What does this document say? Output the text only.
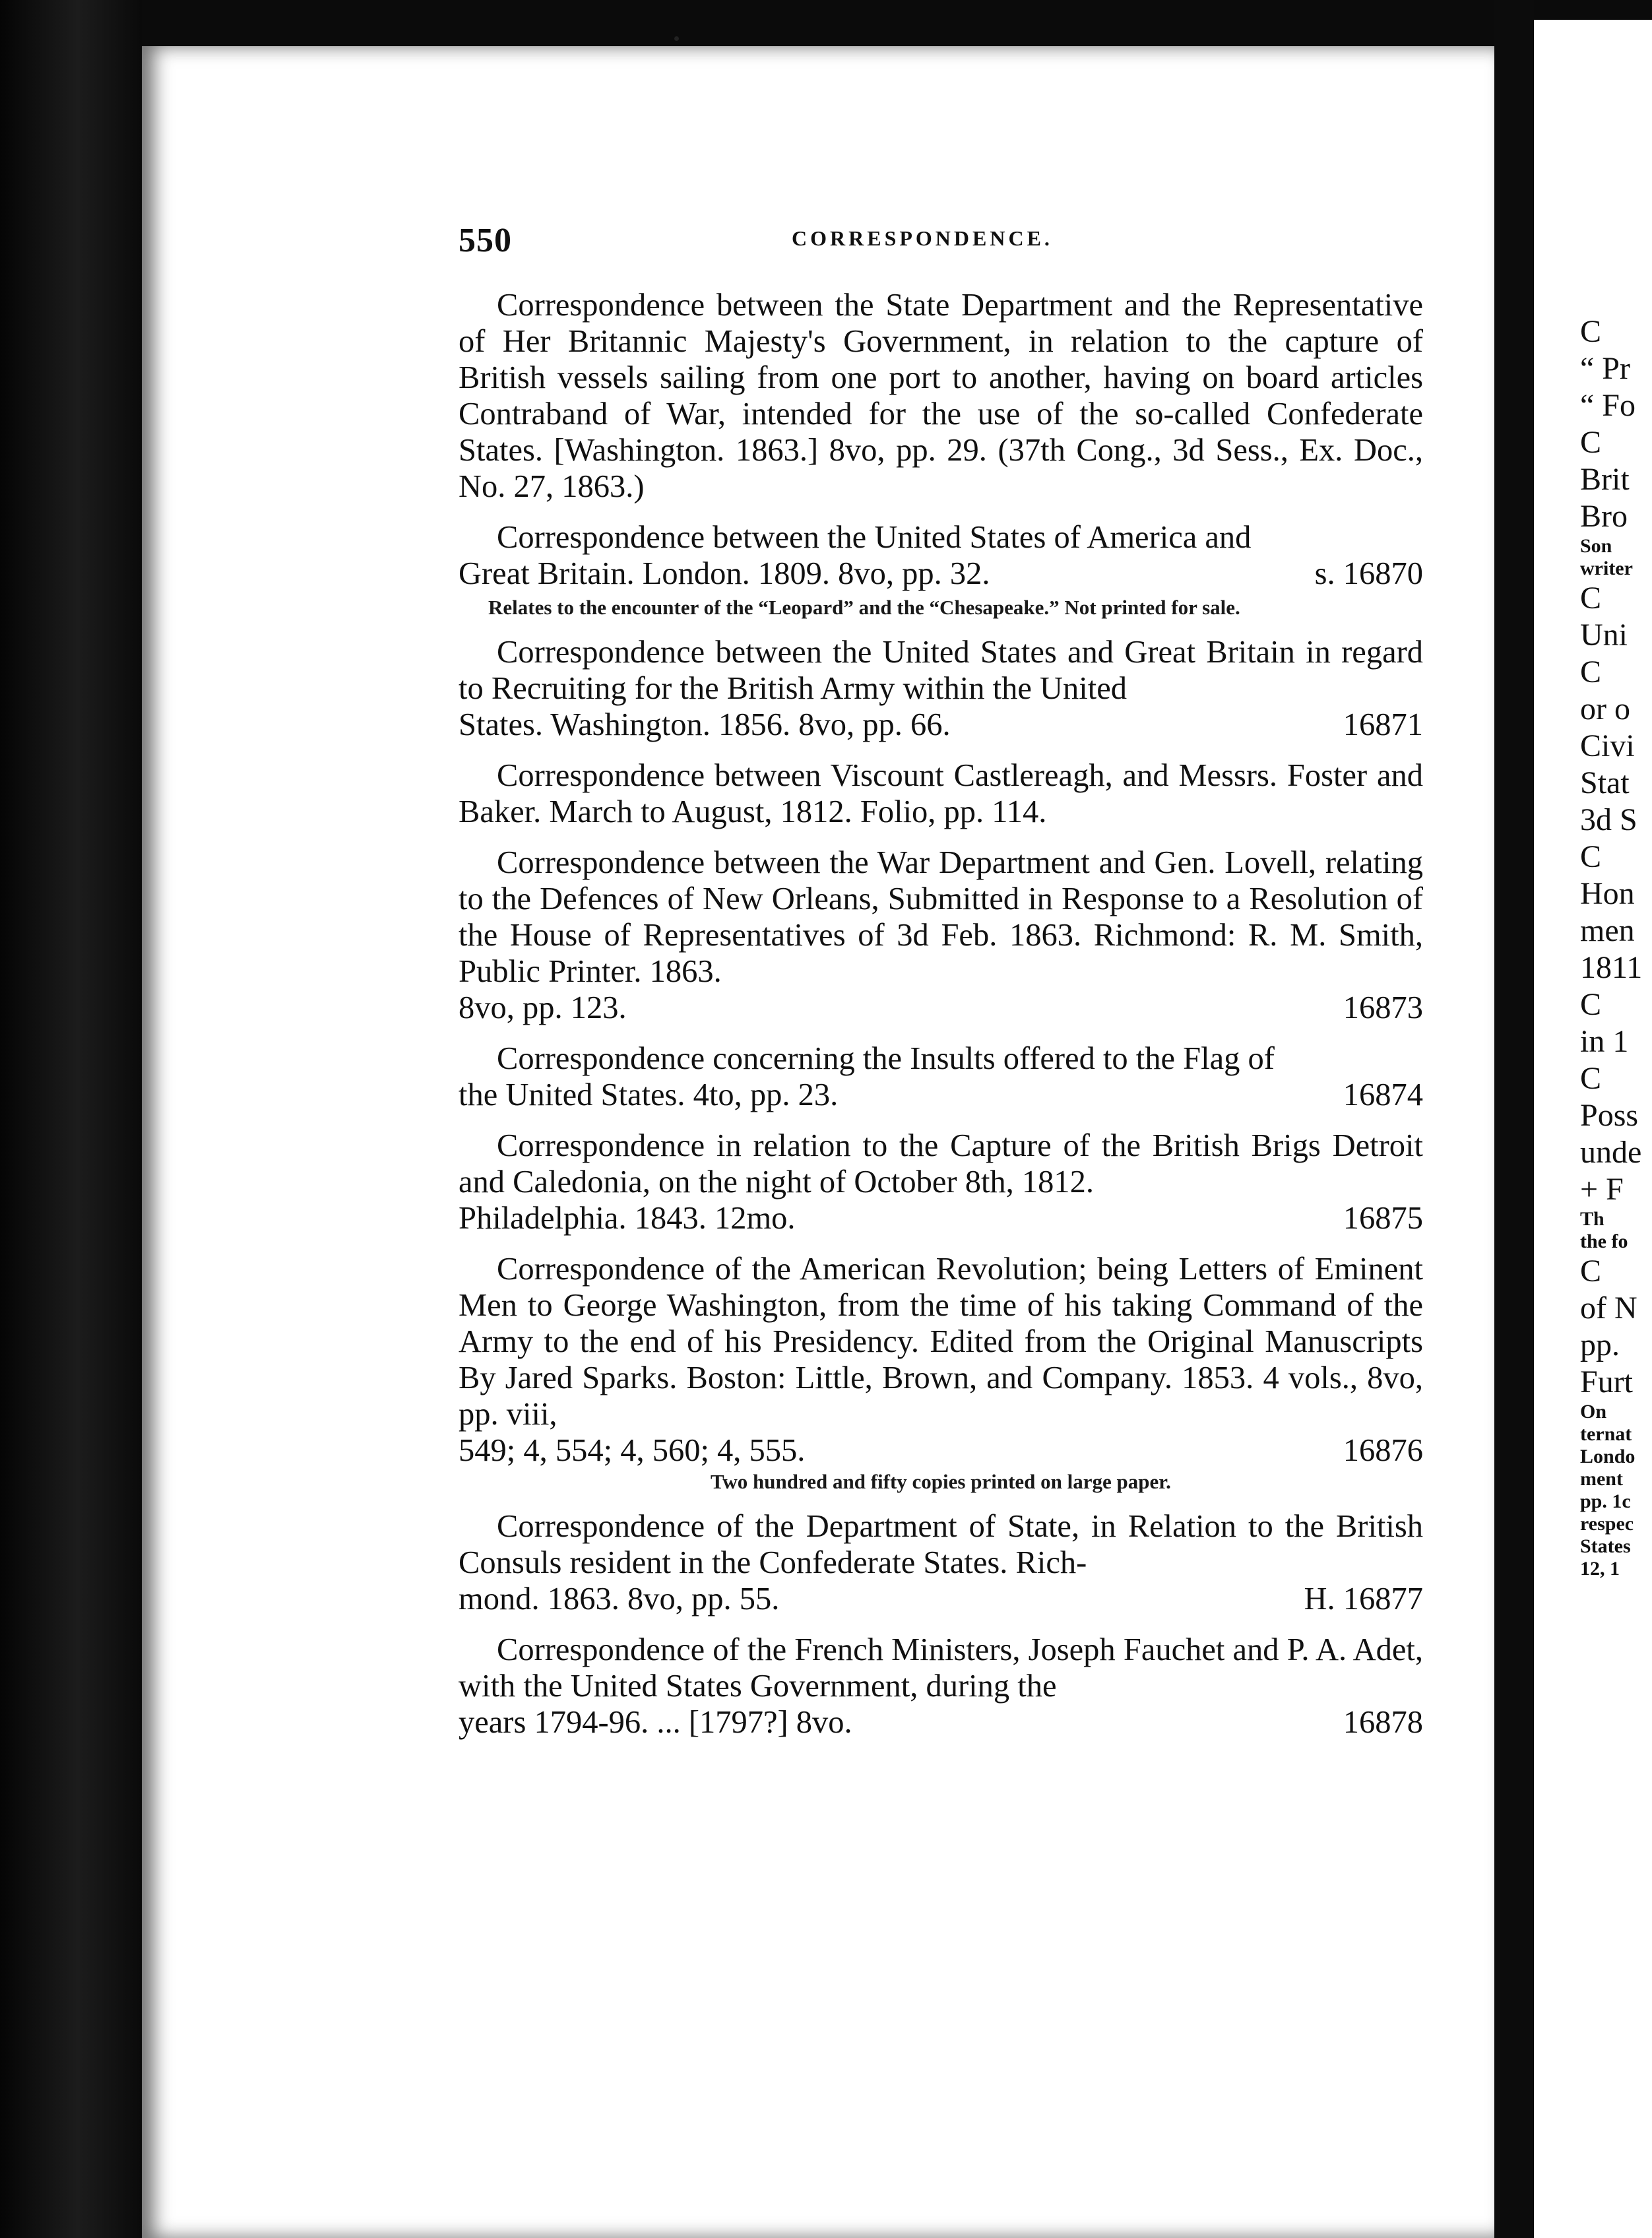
550	CORRESPONDENCE.
Correspondence between the State Department and the Representative of Her Britannic Majesty's Government, in relation to the capture of British vessels sailing from one port to another, having on board articles Contraband of War, intended for the use of the so-called Confederate States. [Washington. 1863.] 8vo, pp. 29. (37th Cong., 3d Sess., Ex. Doc., No. 27, 1863.)
Correspondence between the United States of America and
Great Britain. London. 1809. 8vo, pp. 32.	s. 16870
Relates to the encounter of the “Leopard” and the “Chesapeake.” Not printed for sale.
Correspondence between the United States and Great Britain in regard to Recruiting for the British Army within the United
States. Washington. 1856. 8vo, pp. 66.	16871
Correspondence between Viscount Castlereagh, and Messrs. Foster and Baker. March to August, 1812. Folio, pp. 114.
Correspondence between the War Department and Gen. Lovell, relating to the Defences of New Orleans, Submitted in Response to a Resolution of the House of Representatives of 3d Feb. 1863. Richmond: R. M. Smith, Public Printer. 1863.
8vo, pp. 123.	16873
Correspondence concerning the Insults offered to the Flag of
the United States. 4to, pp. 23.	16874
Correspondence in relation to the Capture of the British Brigs Detroit and Caledonia, on the night of October 8th, 1812.
Philadelphia. 1843. 12mo.	16875
Correspondence of the American Revolution; being Letters of Eminent Men to George Washington, from the time of his taking Command of the Army to the end of his Presidency. Edited from the Original Manuscripts By Jared Sparks. Boston: Little, Brown, and Company. 1853. 4 vols., 8vo, pp. viii,
549; 4, 554; 4, 560; 4, 555.	16876
Two hundred and fifty copies printed on large paper.
Correspondence of the Department of State, in Relation to the British Consuls resident in the Confederate States. Rich-
mond. 1863. 8vo, pp. 55.	H. 16877
Correspondence of the French Ministers, Joseph Fauchet and P. A. Adet, with the United States Government, during the
years 1794-96. ... [1797?] 8vo.	16878
C
“ Pr
“ Fo
C
Brit
Bro
Son
writer
C
Uni
C
or o
Civi
Stat
3d S
C
Hon
men
1811
C
in 1
C
Poss
unde
+ F
Th
the fo
C
of N
pp.
Furt
On
ternat
Londo
ment
pp. 1c
respec
States
12, 1
